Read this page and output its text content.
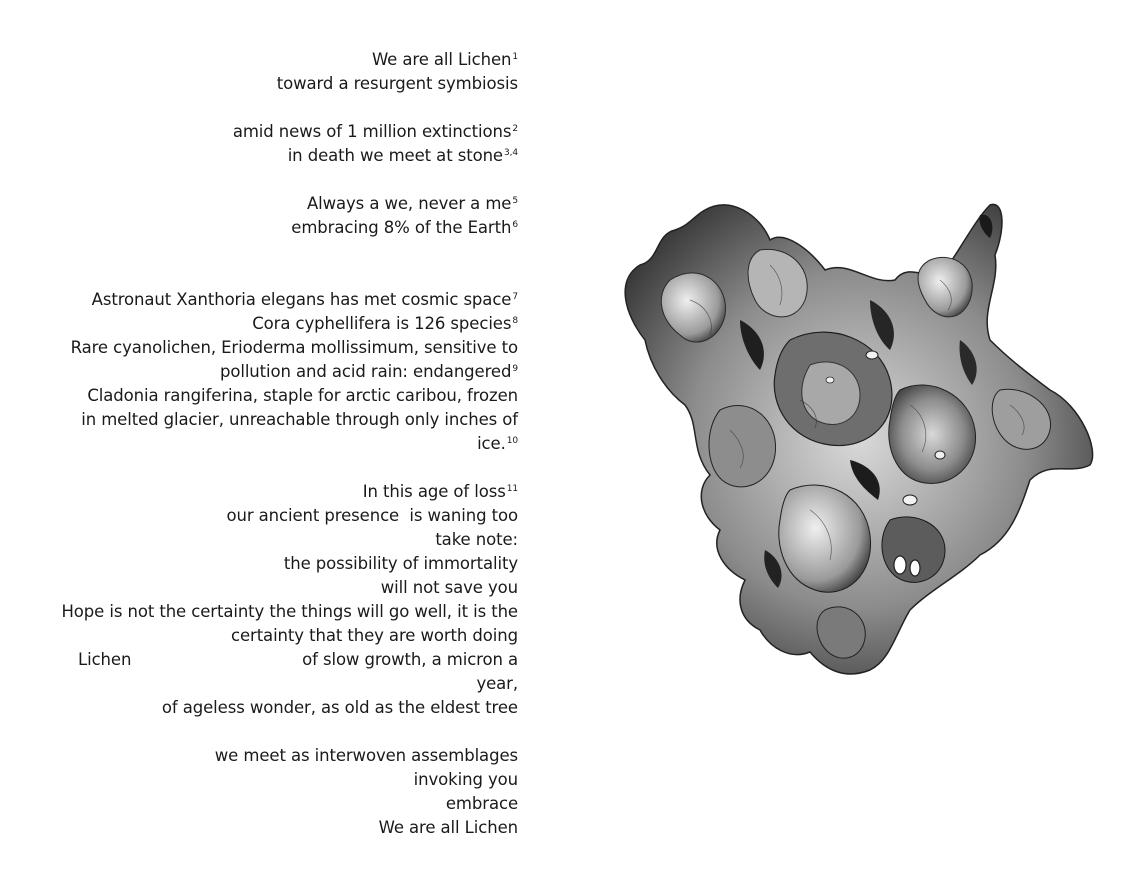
We are all Lichen$^1$
toward a resurgent symbiosis
amid news of 1 million extinctions$^2$
in death we meet at stone$^{3,4}$
Always a we, never a $me^5$
embracing 8% of the Earth$^6$
Astronaut Xanthoria elegans has met cosmic space$^7$
Cora cyphellifera is 126 species$^8$
Rare cyanolichen, Erioderma mollissimum, sensitive to
pollution and acid rain: endangered$^9$
Cladonia rangiferina, staple for arctic caribou, frozen
in melted glacier, unreachable through only inches of
ice.$^{10}$
In this age of loss$^{11}$
our ancient presence  is waning too
take note:
the possibility of immortality
will not save you
Hope is not the certainty the things will go well, it is the
certainty that they are worth doing
Lichen	of slow growth, a micron a
year,
of ageless wonder, as old as the eldest tree
we meet as interwoven assemblages
invoking you
embrace
We are all Lichen
